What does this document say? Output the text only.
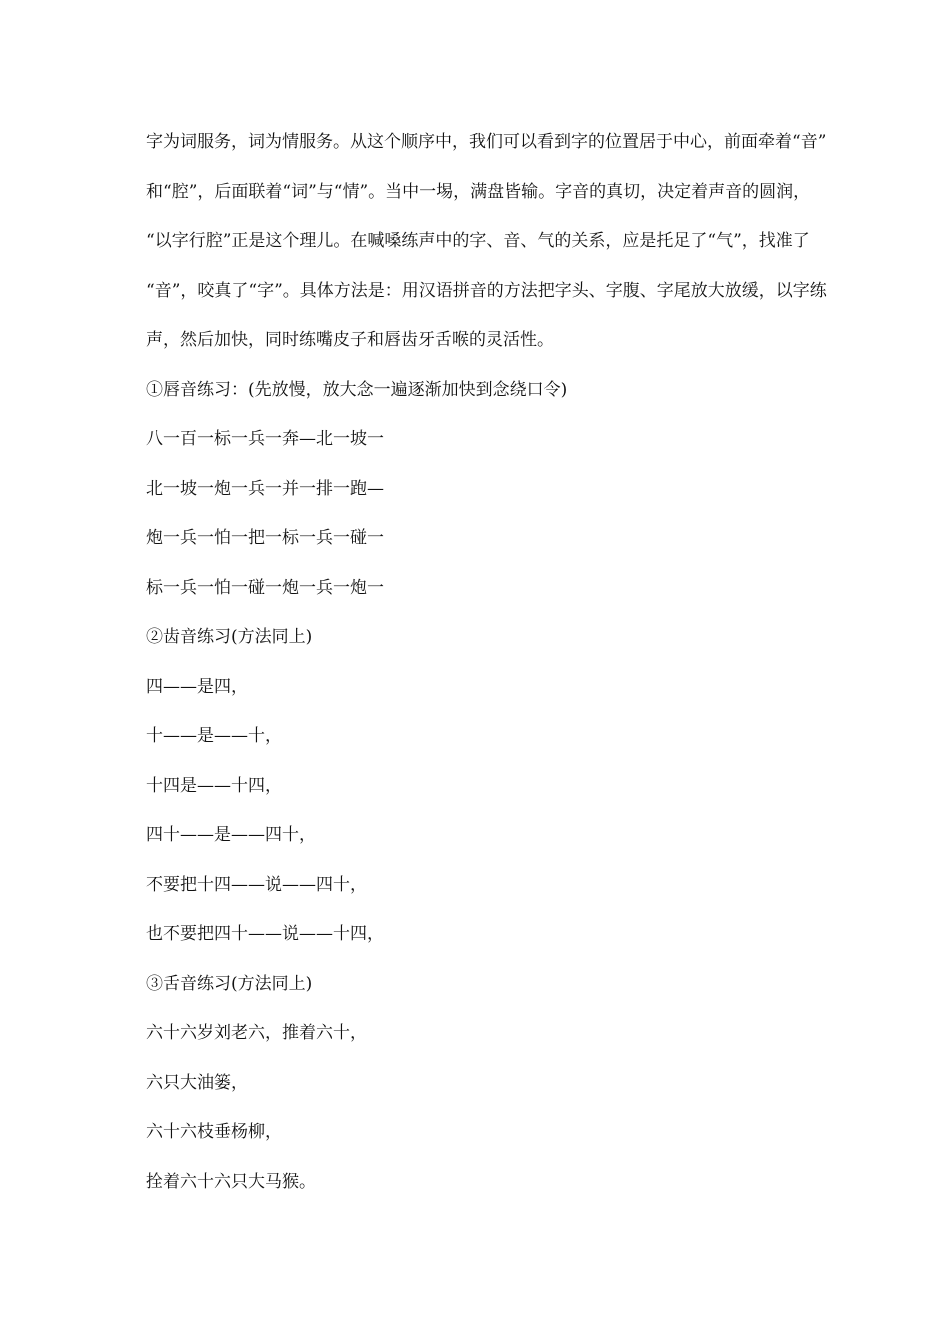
字为词服务，词为情服务。从这个顺序中，我们可以看到字的位置居于中心，前面牵着“音”
和“腔”，后面联着“词”与“情”。当中一埸，满盘皆输。字音的真切，决定着声音的圆润，
“以字行腔”正是这个理儿。在喊嗓练声中的字、音、气的关系，应是托足了“气”，找准了
“音”，咬真了“字”。具体方法是：用汉语拼音的方法把字头、字腹、字尾放大放缓，以字练
声，然后加快，同时练嘴皮子和唇齿牙舌喉的灵活性。
①唇音练习：(先放慢，放大念一遍逐渐加快到念绕口令)
八一百一标一兵一奔—北一坡一
北一坡一炮一兵一并一排一跑—
炮一兵一怕一把一标一兵一碰一
标一兵一怕一碰一炮一兵一炮一
②齿音练习(方法同上)
四——是四，
十——是——十，
十四是——十四，
四十——是——四十，
不要把十四——说——四十，
也不要把四十——说——十四，
③舌音练习(方法同上)
六十六岁刘老六，推着六十，
六只大油篓，
六十六枝垂杨柳，
拴着六十六只大马猴。
